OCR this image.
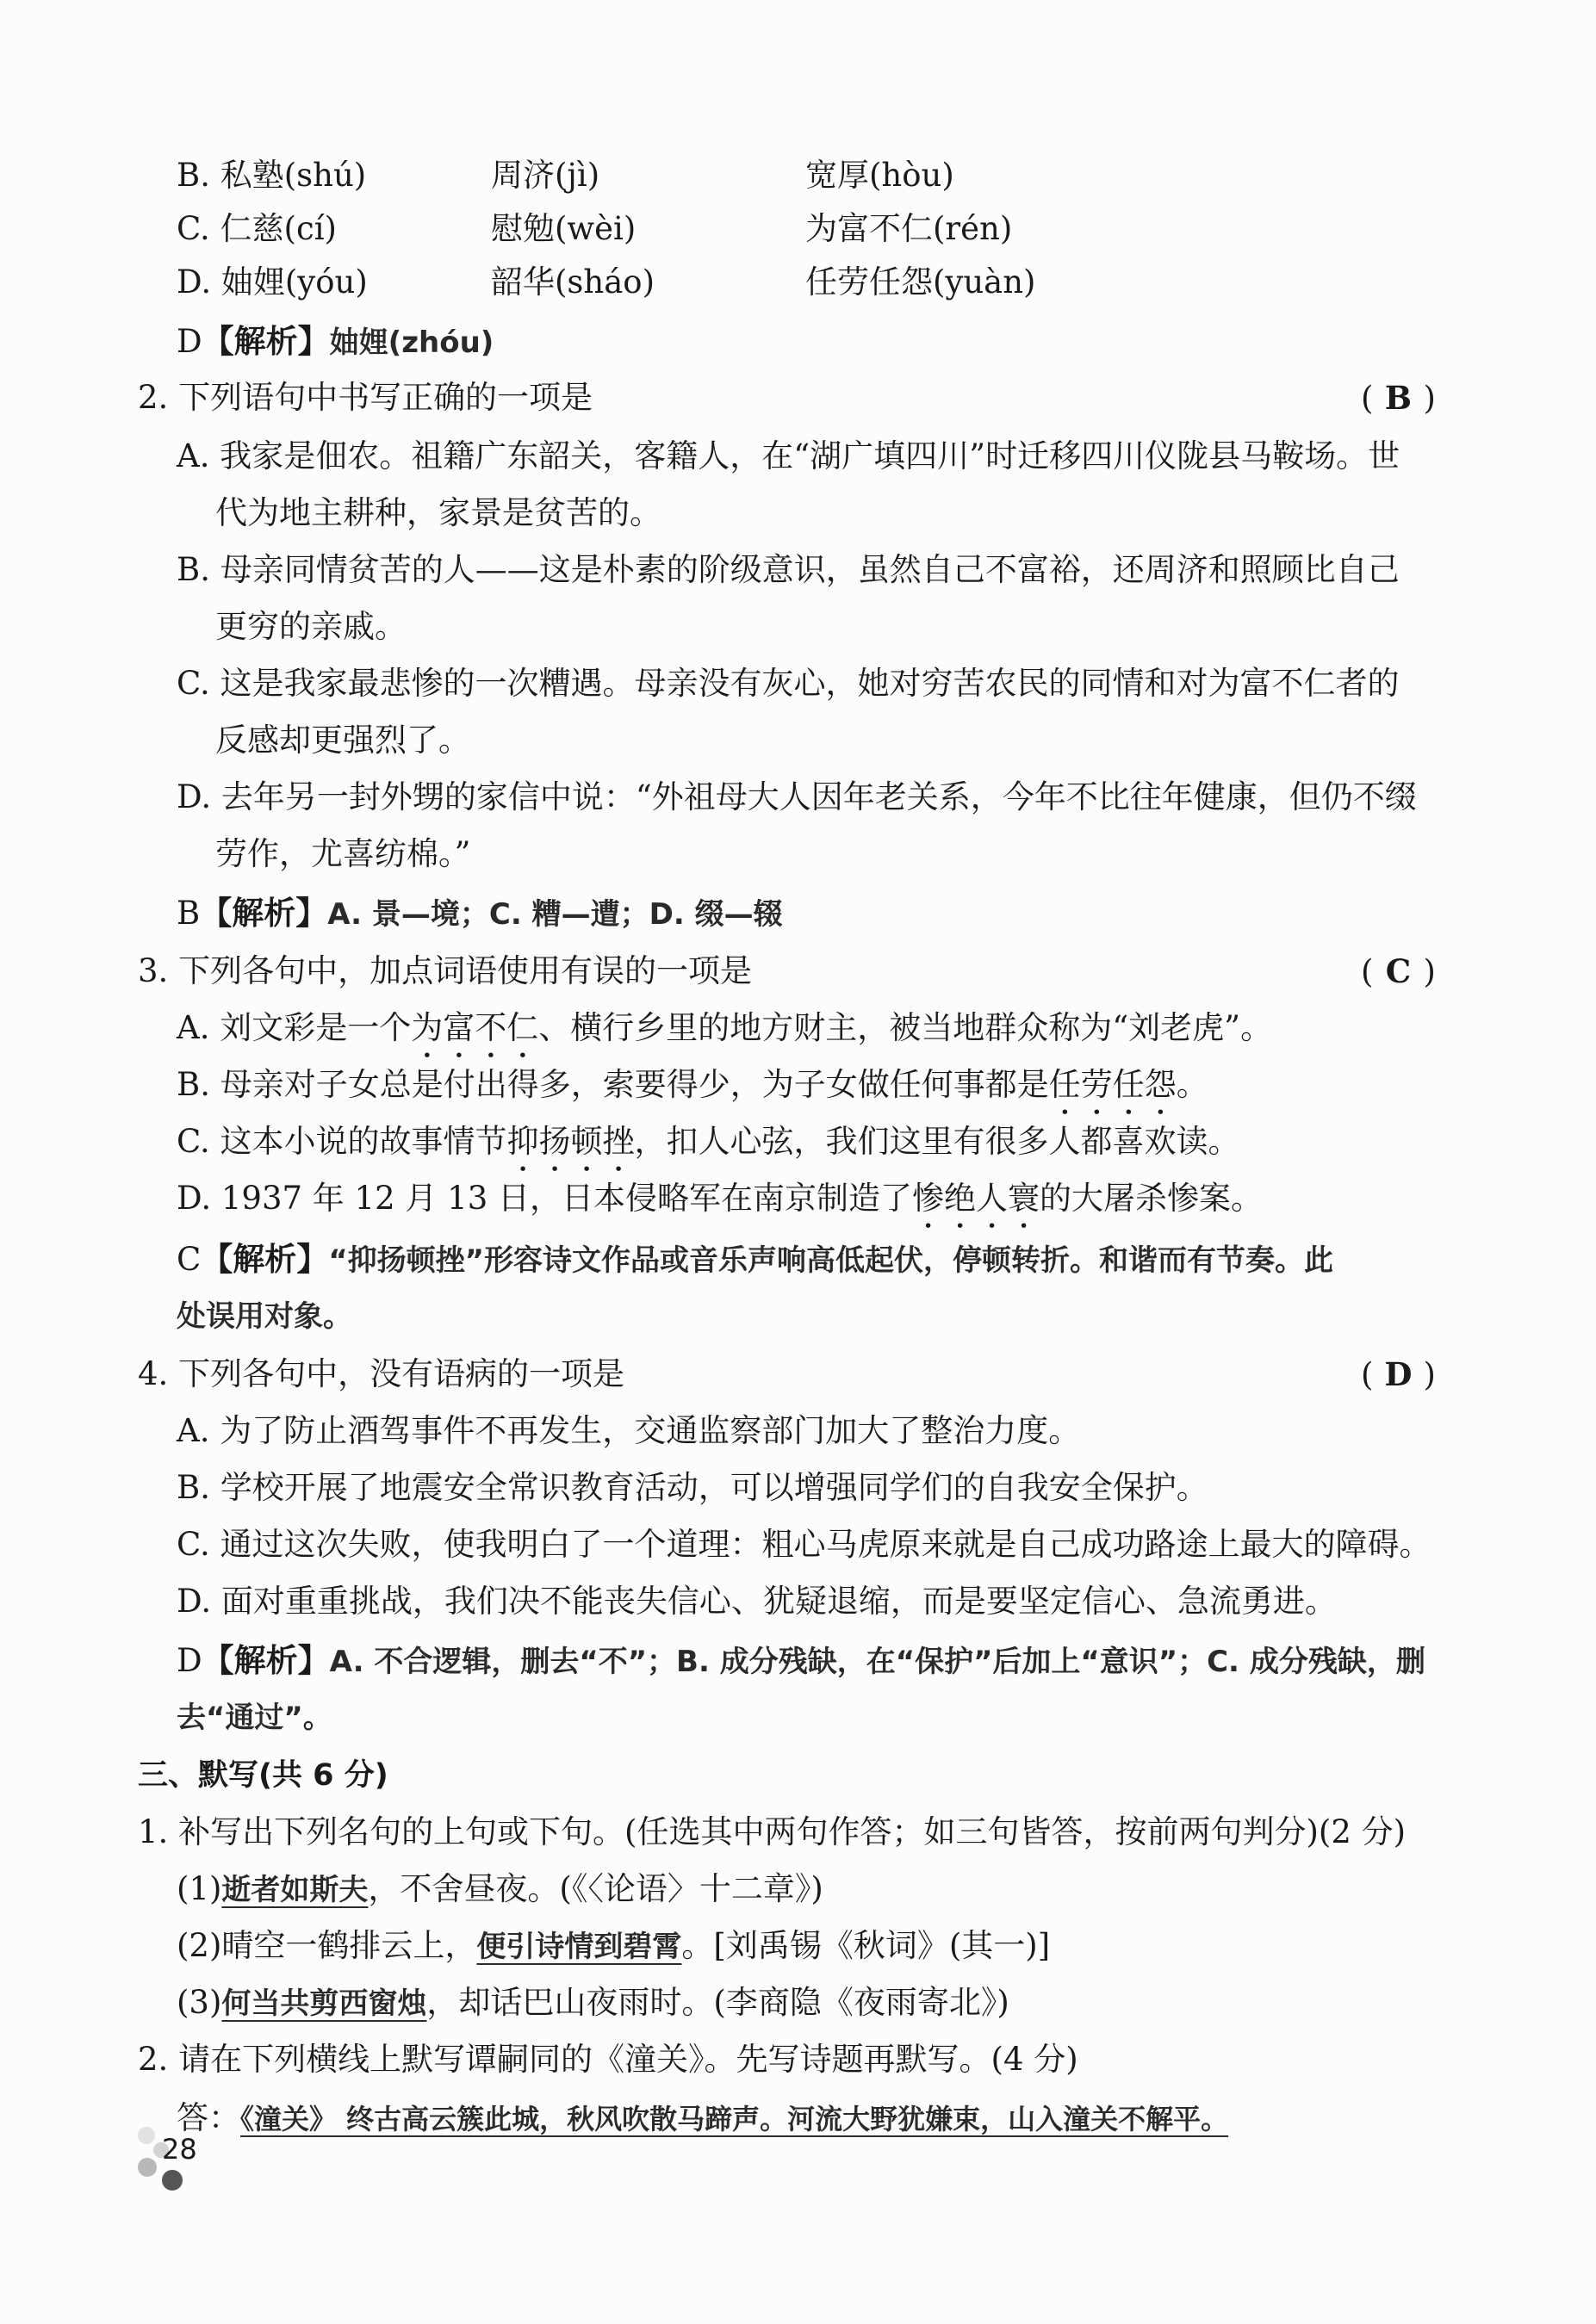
B. 私塾(shú)	周济(jì)	宽厚(hòu)
C. 仁慈(cí)	慰勉(wèi)	为富不仁(rén)
D. 妯娌(yóu)	韶华(sháo)	任劳任怨(yuàn)
D【解析】妯娌(zhóu)
2. 下列语句中书写正确的一项是	( B )
A. 我家是佃农。祖籍广东韶关，客籍人，在“湖广填四川”时迁移四川仪陇县马鞍场。世
代为地主耕种，家景是贫苦的。
B. 母亲同情贫苦的人——这是朴素的阶级意识，虽然自己不富裕，还周济和照顾比自己
更穷的亲戚。
C. 这是我家最悲惨的一次糟遇。母亲没有灰心，她对穷苦农民的同情和对为富不仁者的
反感却更强烈了。
D. 去年另一封外甥的家信中说：“外祖母大人因年老关系，今年不比往年健康，但仍不缀
劳作，尤喜纺棉。”
B【解析】A. 景—境；C. 糟—遭；D. 缀—辍
3. 下列各句中，加点词语使用有误的一项是	( C )
A. 刘文彩是一个为富不仁、横行乡里的地方财主，被当地群众称为“刘老虎”。
B. 母亲对子女总是付出得多，索要得少，为子女做任何事都是任劳任怨。
C. 这本小说的故事情节抑扬顿挫，扣人心弦，我们这里有很多人都喜欢读。
D. 1937 年 12 月 13 日，日本侵略军在南京制造了惨绝人寰的大屠杀惨案。
C【解析】“抑扬顿挫”形容诗文作品或音乐声响高低起伏，停顿转折。和谐而有节奏。此
处误用对象。
4. 下列各句中，没有语病的一项是	( D )
A. 为了防止酒驾事件不再发生，交通监察部门加大了整治力度。
B. 学校开展了地震安全常识教育活动，可以增强同学们的自我安全保护。
C. 通过这次失败，使我明白了一个道理：粗心马虎原来就是自己成功路途上最大的障碍。
D. 面对重重挑战，我们决不能丧失信心、犹疑退缩，而是要坚定信心、急流勇进。
D【解析】A. 不合逻辑，删去“不”；B. 成分残缺，在“保护”后加上“意识”；C. 成分残缺，删
去“通过”。
三、默写(共 6 分)
1. 补写出下列名句的上句或下句。(任选其中两句作答；如三句皆答，按前两句判分)(2 分)
(1)逝者如斯夫，不舍昼夜。(《〈论语〉十二章》)
(2)晴空一鹤排云上，便引诗情到碧霄。[刘禹锡《秋词》(其一)]
(3)何当共剪西窗烛，却话巴山夜雨时。(李商隐《夜雨寄北》)
2. 请在下列横线上默写谭嗣同的《潼关》。先写诗题再默写。(4 分)
答：《潼关》 终古高云簇此城，秋风吹散马蹄声。河流大野犹嫌束，山入潼关不解平。
28
